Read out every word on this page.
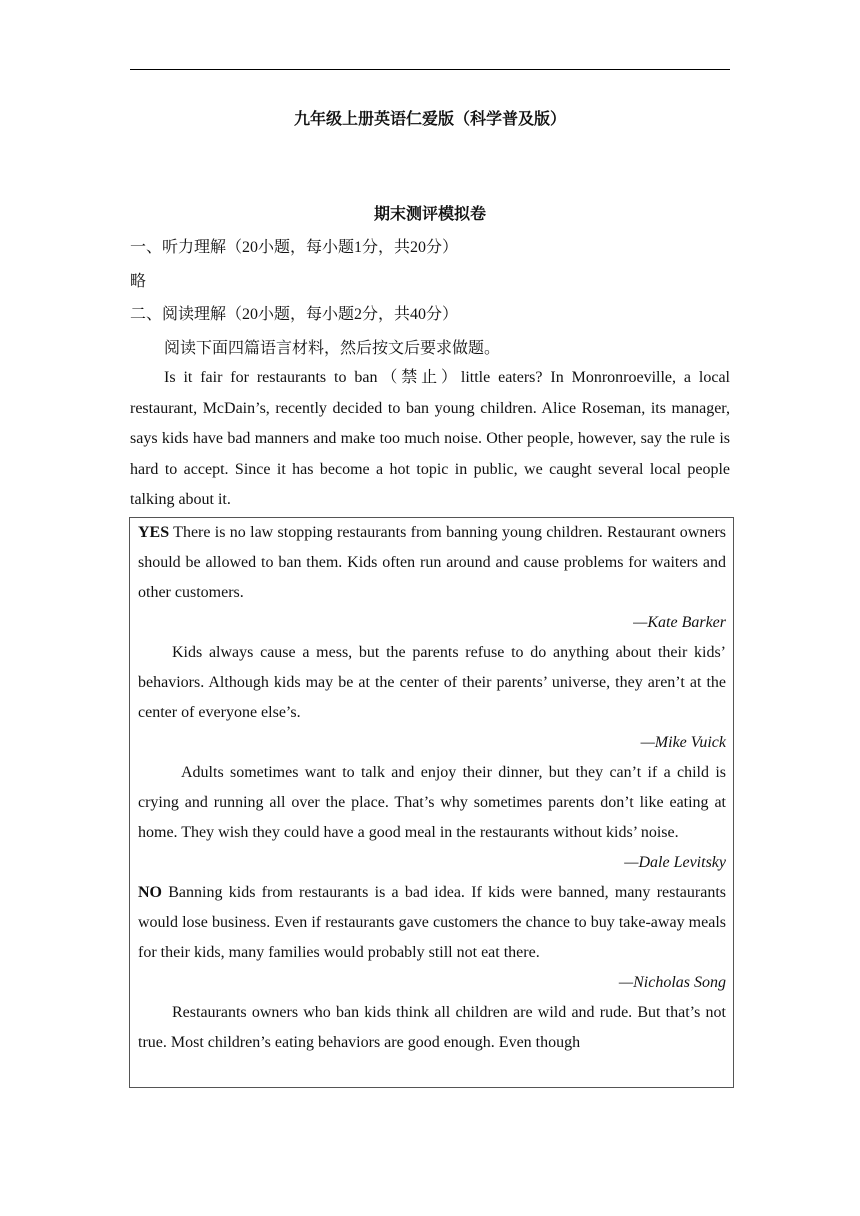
九年级上册英语仁爱版（科学普及版）
期末测评模拟卷
一、听力理解（20小题，每小题1分，共20分）
略
二、阅读理解（20小题，每小题2分，共40分）
阅读下面四篇语言材料，然后按文后要求做题。
Is it fair for restaurants to ban（禁止）little eaters? In Monronroeville, a local restaurant, McDain’s, recently decided to ban young children. Alice Roseman, its manager, says kids have bad manners and make too much noise. Other people, however, say the rule is hard to accept. Since it has become a hot topic in public, we caught several local people talking about it.

YES There is no law stopping restaurants from banning young children. Restaurant owners should be allowed to ban them. Kids often run around and cause problems for waiters and other customers.

—Kate Barker

Kids always cause a mess, but the parents refuse to do anything about their kids’ behaviors. Although kids may be at the center of their parents’ universe, they aren’t at the center of everyone else’s.

—Mike Vuick

Adults sometimes want to talk and enjoy their dinner, but they can’t if a child is crying and running all over the place. That’s why sometimes parents don’t like eating at home. They wish they could have a good meal in the restaurants without kids’ noise.

—Dale Levitsky

NO Banning kids from restaurants is a bad idea. If kids were banned, many restaurants would lose business. Even if restaurants gave customers the chance to buy take-away meals for their kids, many families would probably still not eat there.

—Nicholas Song

Restaurants owners who ban kids think all children are wild and rude. But that’s not true. Most children’s eating behaviors are good enough. Even though
